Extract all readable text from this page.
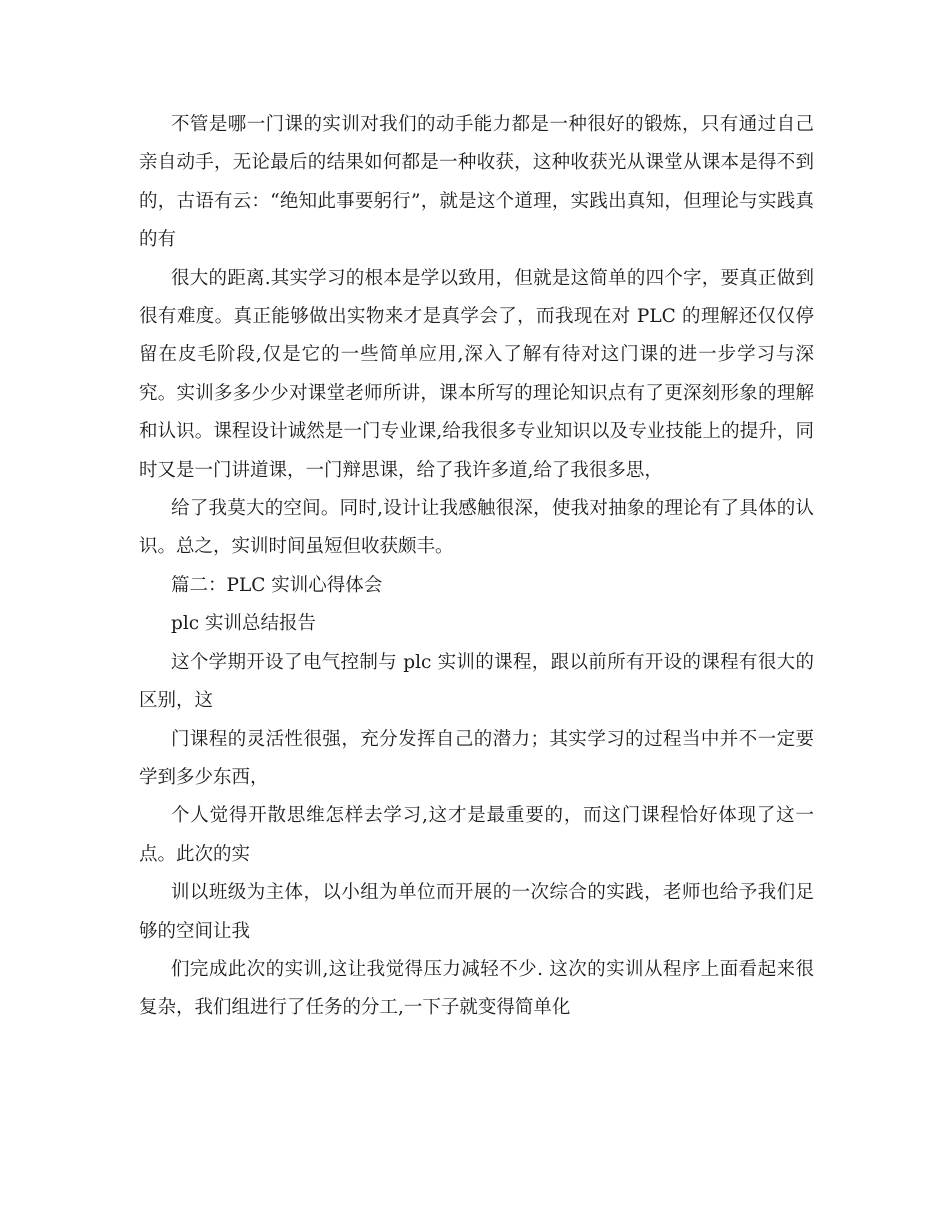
不管是哪一门课的实训对我们的动手能力都是一种很好的锻炼，只有通过自己亲自动手，无论最后的结果如何都是一种收获，这种收获光从课堂从课本是得不到的，古语有云：“绝知此事要躬行”，就是这个道理，实践出真知，但理论与实践真的有

很大的距离.其实学习的根本是学以致用，但就是这简单的四个字，要真正做到很有难度。真正能够做出实物来才是真学会了，而我现在对 PLC 的理解还仅仅停留在皮毛阶段,仅是它的一些简单应用,深入了解有待对这门课的进一步学习与深究。实训多多少少对课堂老师所讲，课本所写的理论知识点有了更深刻形象的理解和认识。课程设计诚然是一门专业课,给我很多专业知识以及专业技能上的提升，同时又是一门讲道课，一门辩思课，给了我许多道,给了我很多思，

给了我莫大的空间。同时,设计让我感触很深，使我对抽象的理论有了具体的认识。总之，实训时间虽短但收获颇丰。

篇二：PLC 实训心得体会

plc 实训总结报告

这个学期开设了电气控制与 plc 实训的课程，跟以前所有开设的课程有很大的区别，这

门课程的灵活性很强，充分发挥自己的潜力；其实学习的过程当中并不一定要学到多少东西，

个人觉得开散思维怎样去学习,这才是最重要的，而这门课程恰好体现了这一点。此次的实

训以班级为主体，以小组为单位而开展的一次综合的实践，老师也给予我们足够的空间让我

们完成此次的实训,这让我觉得压力减轻不少. 这次的实训从程序上面看起来很复杂，我们组进行了任务的分工,一下子就变得简单化
